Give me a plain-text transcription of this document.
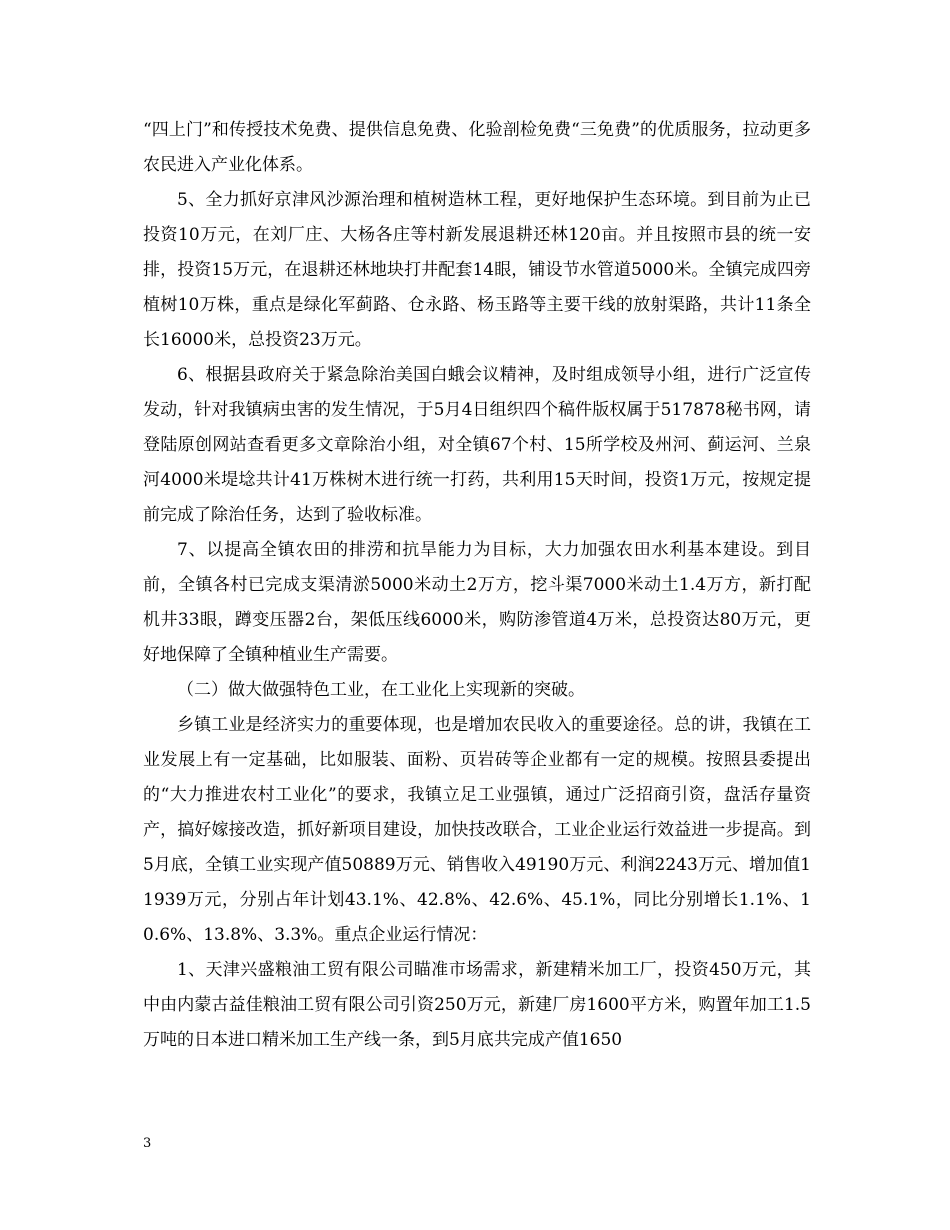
“四上门”和传授技术免费、提供信息免费、化验剖检免费“三免费”的优质服务，拉动更多农民进入产业化体系。

5、全力抓好京津风沙源治理和植树造林工程，更好地保护生态环境。到目前为止已投资10万元，在刘厂庄、大杨各庄等村新发展退耕还林120亩。并且按照市县的统一安排，投资15万元，在退耕还林地块打井配套14眼，铺设节水管道5000米。全镇完成四旁植树10万株，重点是绿化军蓟路、仓永路、杨玉路等主要干线的放射渠路，共计11条全长16000米，总投资23万元。

6、根据县政府关于紧急除治美国白蛾会议精神，及时组成领导小组，进行广泛宣传发动，针对我镇病虫害的发生情况，于5月4日组织四个稿件版权属于517878秘书网，请登陆原创网站查看更多文章除治小组，对全镇67个村、15所学校及州河、蓟运河、兰泉河4000米堤埝共计41万株树木进行统一打药，共利用15天时间，投资1万元，按规定提前完成了除治任务，达到了验收标准。

7、以提高全镇农田的排涝和抗旱能力为目标，大力加强农田水利基本建设。到目前，全镇各村已完成支渠清淤5000米动土2万方，挖斗渠7000米动土1.4万方，新打配机井33眼，蹲变压器2台，架低压线6000米，购防渗管道4万米，总投资达80万元，更好地保障了全镇种植业生产需要。

（二）做大做强特色工业，在工业化上实现新的突破。

乡镇工业是经济实力的重要体现，也是增加农民收入的重要途径。总的讲，我镇在工业发展上有一定基础，比如服装、面粉、页岩砖等企业都有一定的规模。按照县委提出的“大力推进农村工业化”的要求，我镇立足工业强镇，通过广泛招商引资，盘活存量资产，搞好嫁接改造，抓好新项目建设，加快技改联合，工业企业运行效益进一步提高。到5月底，全镇工业实现产值50889万元、销售收入49190万元、利润2243万元、增加值11939万元，分别占年计划43.1%、42.8%、42.6%、45.1%，同比分别增长1.1%、10.6%、13.8%、3.3%。重点企业运行情况：

1、天津兴盛粮油工贸有限公司瞄准市场需求，新建精米加工厂，投资450万元，其中由内蒙古益佳粮油工贸有限公司引资250万元，新建厂房1600平方米，购置年加工1.5万吨的日本进口精米加工生产线一条，到5月底共完成产值1650

3
